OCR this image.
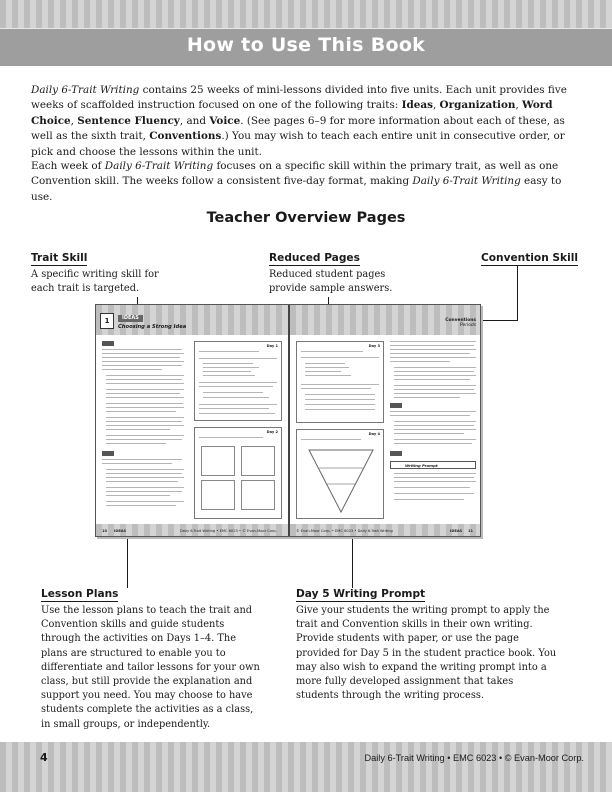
How to Use This Book

Daily 6-Trait Writing contains 25 weeks of mini-lessons divided into five units. Each unit provides five weeks of scaffolded instruction focused on one of the following traits: Ideas, Organization, Word Choice, Sentence Fluency, and Voice. (See pages 6–9 for more information about each of these, as well as the sixth trait, Conventions.) You may wish to teach each entire unit in consecutive order, or pick and choose the lessons within the unit.

Each week of Daily 6-Trait Writing focuses on a specific skill within the primary trait, as well as one Convention skill. The weeks follow a consistent five-day format, making Daily 6-Trait Writing easy to use.

Teacher Overview Pages
Trait Skill
A specific writing skill for each trait is targeted.
Reduced Pages
Reduced student pages provide sample answers.
Convention Skill
1	IDEAS
Choosing a Strong Idea
Day 1
Day 2
10 IDEAS	Daily 6-Trait Writing • EMC 6023 • © Evan-Moor Corp.
Conventions
Periods
Day 3
Day 4
Writing Prompt
© Evan-Moor Corp. • EMC 6023 • Daily 6-Trait Writing	IDEAS 11
Lesson Plans
Use the lesson plans to teach the trait and Convention skills and guide students through the activities on Days 1–4. The plans are structured to enable you to differentiate and tailor lessons for your own class, but still provide the explanation and support you need. You may choose to have students complete the activities as a class, in small groups, or independently.
Day 5 Writing Prompt
Give your students the writing prompt to apply the trait and Convention skills in their own writing. Provide students with paper, or use the page provided for Day 5 in the student practice book. You may also wish to expand the writing prompt into a more fully developed assignment that takes students through the writing process.
4	Daily 6-Trait Writing • EMC 6023 • © Evan-Moor Corp.
